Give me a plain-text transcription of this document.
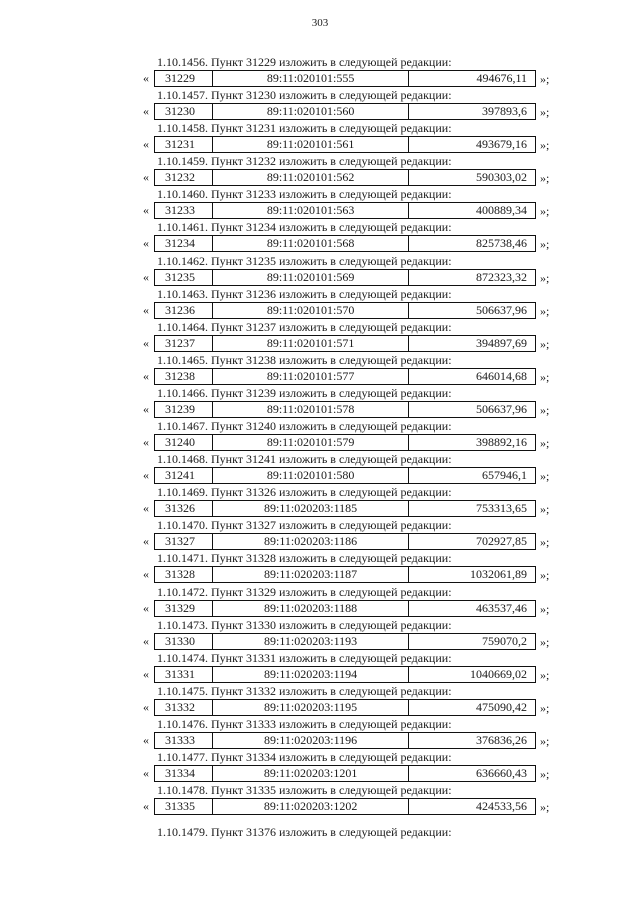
303
1.10.1456. Пункт 31229 изложить в следующей редакции:
«	31229	89:11:020101:555	494676,11	»;
1.10.1457. Пункт 31230 изложить в следующей редакции:
«	31230	89:11:020101:560	397893,6	»;
1.10.1458. Пункт 31231 изложить в следующей редакции:
«	31231	89:11:020101:561	493679,16	»;
1.10.1459. Пункт 31232 изложить в следующей редакции:
«	31232	89:11:020101:562	590303,02	»;
1.10.1460. Пункт 31233 изложить в следующей редакции:
«	31233	89:11:020101:563	400889,34	»;
1.10.1461. Пункт 31234 изложить в следующей редакции:
«	31234	89:11:020101:568	825738,46	»;
1.10.1462. Пункт 31235 изложить в следующей редакции:
«	31235	89:11:020101:569	872323,32	»;
1.10.1463. Пункт 31236 изложить в следующей редакции:
«	31236	89:11:020101:570	506637,96	»;
1.10.1464. Пункт 31237 изложить в следующей редакции:
«	31237	89:11:020101:571	394897,69	»;
1.10.1465. Пункт 31238 изложить в следующей редакции:
«	31238	89:11:020101:577	646014,68	»;
1.10.1466. Пункт 31239 изложить в следующей редакции:
«	31239	89:11:020101:578	506637,96	»;
1.10.1467. Пункт 31240 изложить в следующей редакции:
«	31240	89:11:020101:579	398892,16	»;
1.10.1468. Пункт 31241 изложить в следующей редакции:
«	31241	89:11:020101:580	657946,1	»;
1.10.1469. Пункт 31326 изложить в следующей редакции:
«	31326	89:11:020203:1185	753313,65	»;
1.10.1470. Пункт 31327 изложить в следующей редакции:
«	31327	89:11:020203:1186	702927,85	»;
1.10.1471. Пункт 31328 изложить в следующей редакции:
«	31328	89:11:020203:1187	1032061,89	»;
1.10.1472. Пункт 31329 изложить в следующей редакции:
«	31329	89:11:020203:1188	463537,46	»;
1.10.1473. Пункт 31330 изложить в следующей редакции:
«	31330	89:11:020203:1193	759070,2	»;
1.10.1474. Пункт 31331 изложить в следующей редакции:
«	31331	89:11:020203:1194	1040669,02	»;
1.10.1475. Пункт 31332 изложить в следующей редакции:
«	31332	89:11:020203:1195	475090,42	»;
1.10.1476. Пункт 31333 изложить в следующей редакции:
«	31333	89:11:020203:1196	376836,26	»;
1.10.1477. Пункт 31334 изложить в следующей редакции:
«	31334	89:11:020203:1201	636660,43	»;
1.10.1478. Пункт 31335 изложить в следующей редакции:
«	31335	89:11:020203:1202	424533,56	»;
1.10.1479. Пункт 31376 изложить в следующей редакции:
